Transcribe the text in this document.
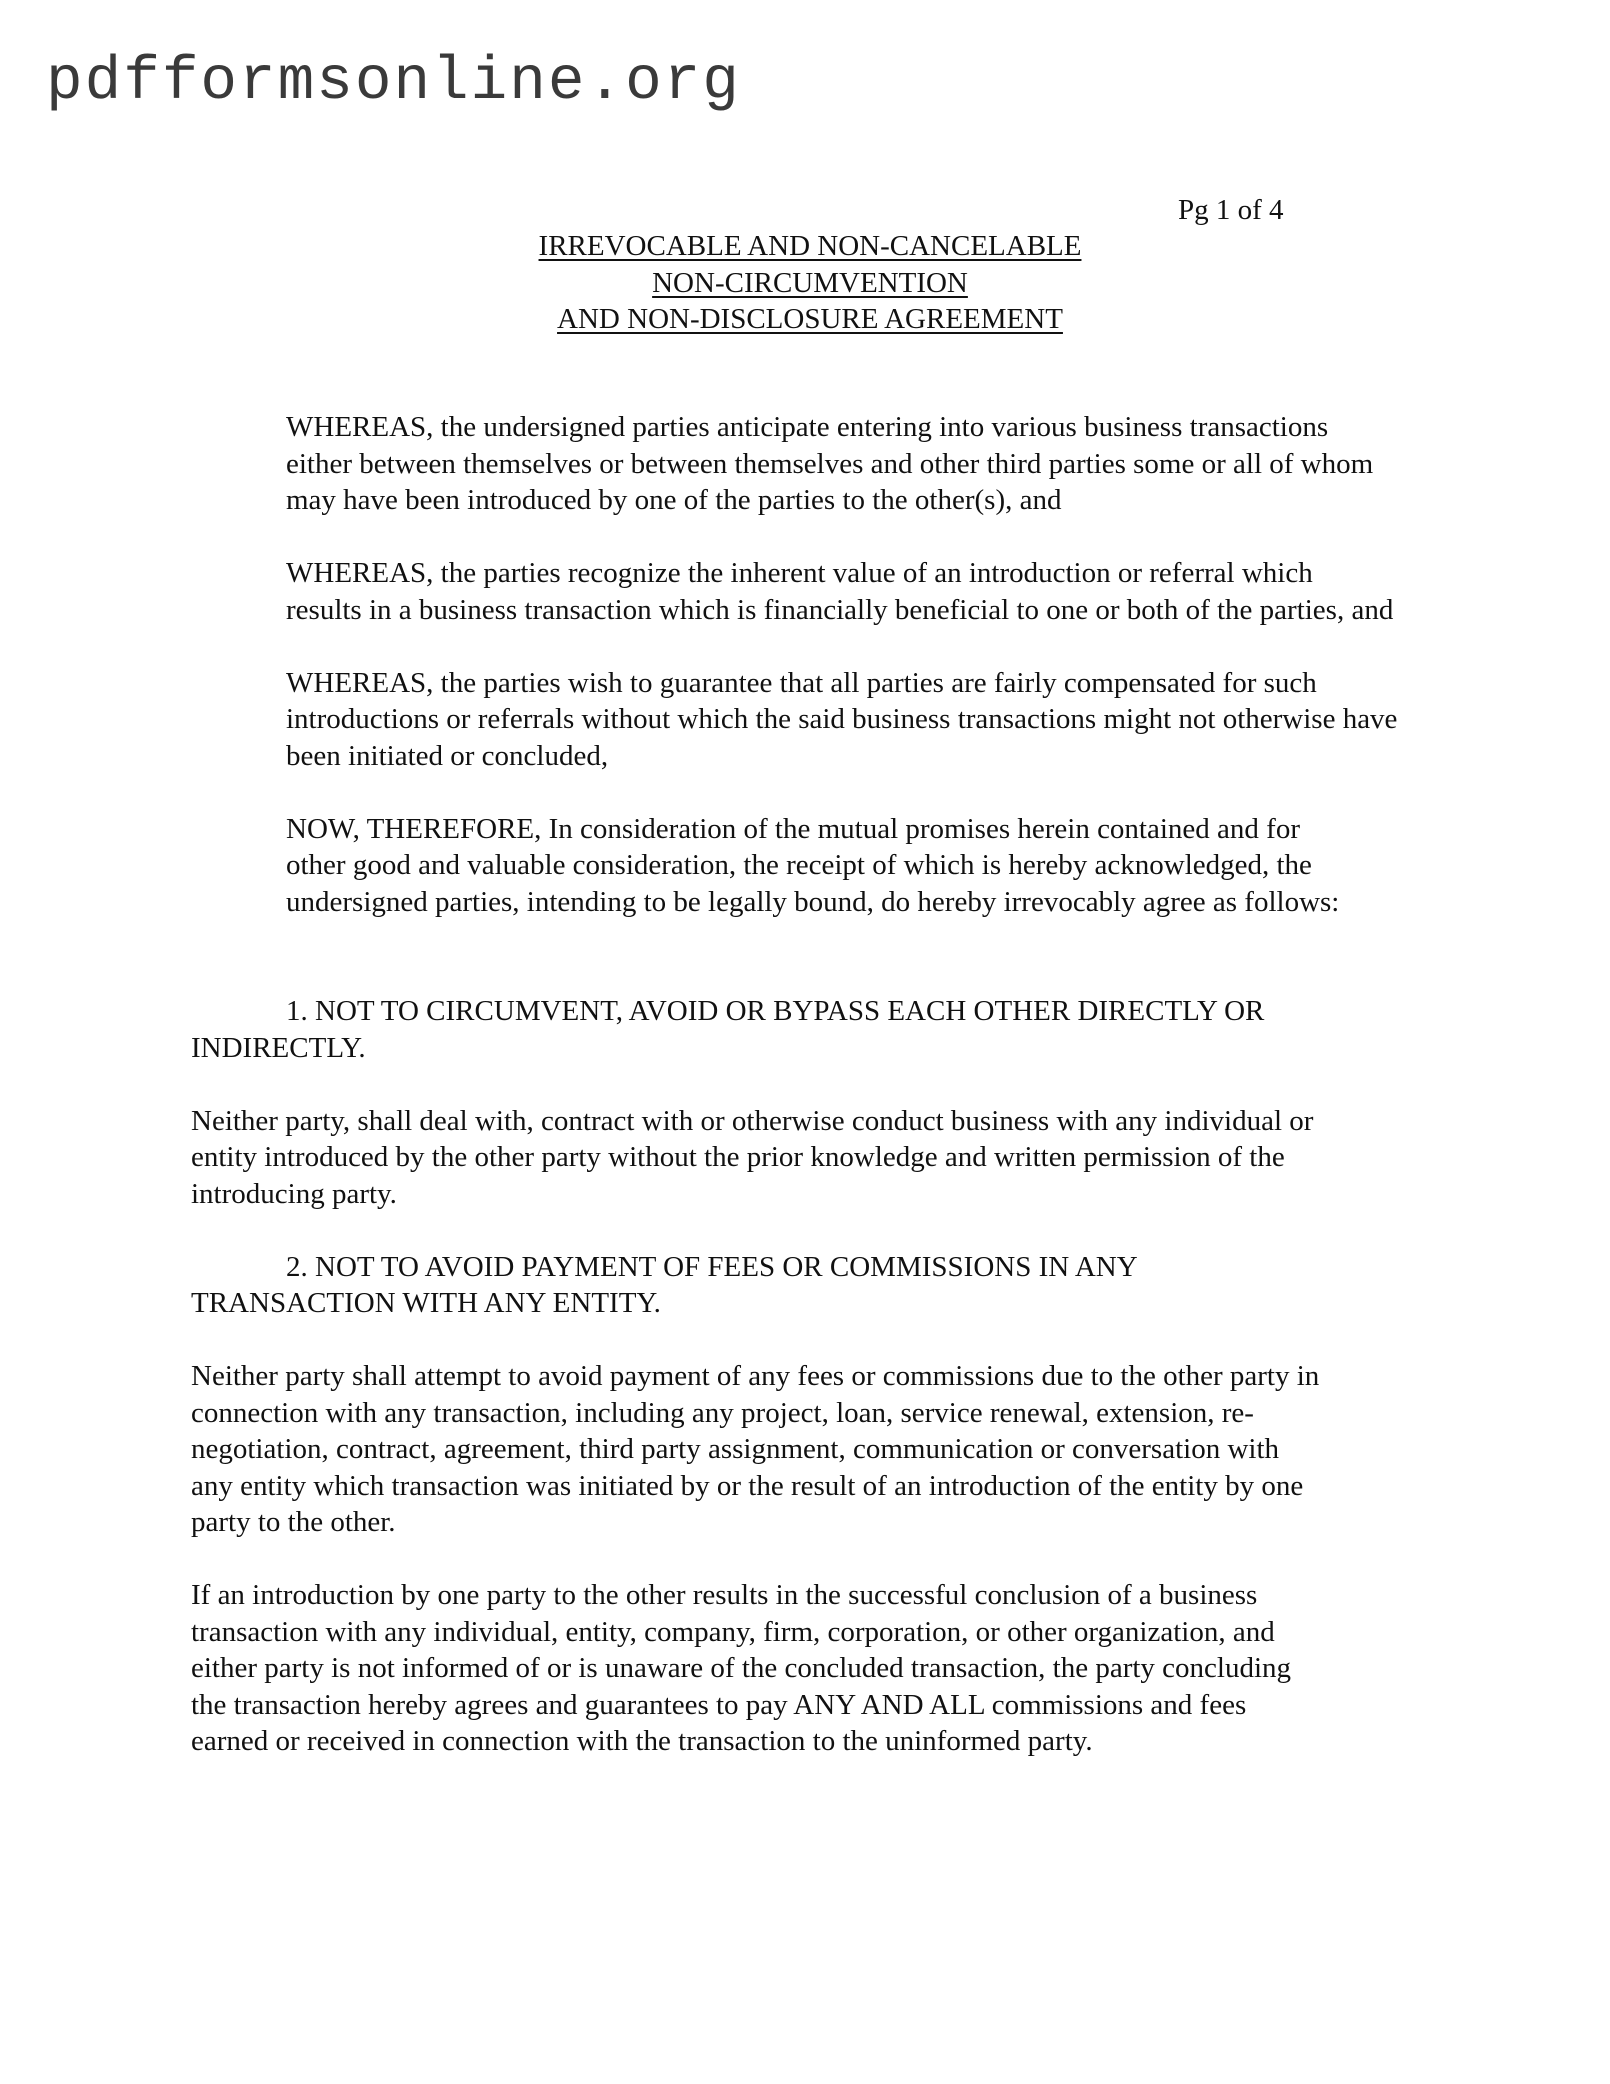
pdfformsonline.org
Pg 1 of 4
IRREVOCABLE AND NON-CANCELABLE
NON-CIRCUMVENTION
AND NON-DISCLOSURE AGREEMENT

WHEREAS, the undersigned parties anticipate entering into various business transactions
either between themselves or between themselves and other third parties some or all of whom
may have been introduced by one of the parties to the other(s), and

WHEREAS, the parties recognize the inherent value of an introduction or referral which
results in a business transaction which is financially beneficial to one or both of the parties, and

WHEREAS, the parties wish to guarantee that all parties are fairly compensated for such
introductions or referrals without which the said business transactions might not otherwise have
been initiated or concluded,

NOW, THEREFORE, In consideration of the mutual promises herein contained and for
other good and valuable consideration, the receipt of which is hereby acknowledged, the
undersigned parties, intending to be legally bound, do hereby irrevocably agree as follows:

1. NOT TO CIRCUMVENT, AVOID OR BYPASS EACH OTHER DIRECTLY OR
INDIRECTLY.

Neither party, shall deal with, contract with or otherwise conduct business with any individual or
entity introduced by the other party without the prior knowledge and written permission of the
introducing party.

2. NOT TO AVOID PAYMENT OF FEES OR COMMISSIONS IN ANY
TRANSACTION WITH ANY ENTITY.

Neither party shall attempt to avoid payment of any fees or commissions due to the other party in
connection with any transaction, including any project, loan, service renewal, extension, re-
negotiation, contract, agreement, third party assignment, communication or conversation with
any entity which transaction was initiated by or the result of an introduction of the entity by one
party to the other.

If an introduction by one party to the other results in the successful conclusion of a business
transaction with any individual, entity, company, firm, corporation, or other organization, and
either party is not informed of or is unaware of the concluded transaction, the party concluding
the transaction hereby agrees and guarantees to pay ANY AND ALL commissions and fees
earned or received in connection with the transaction to the uninformed party.
